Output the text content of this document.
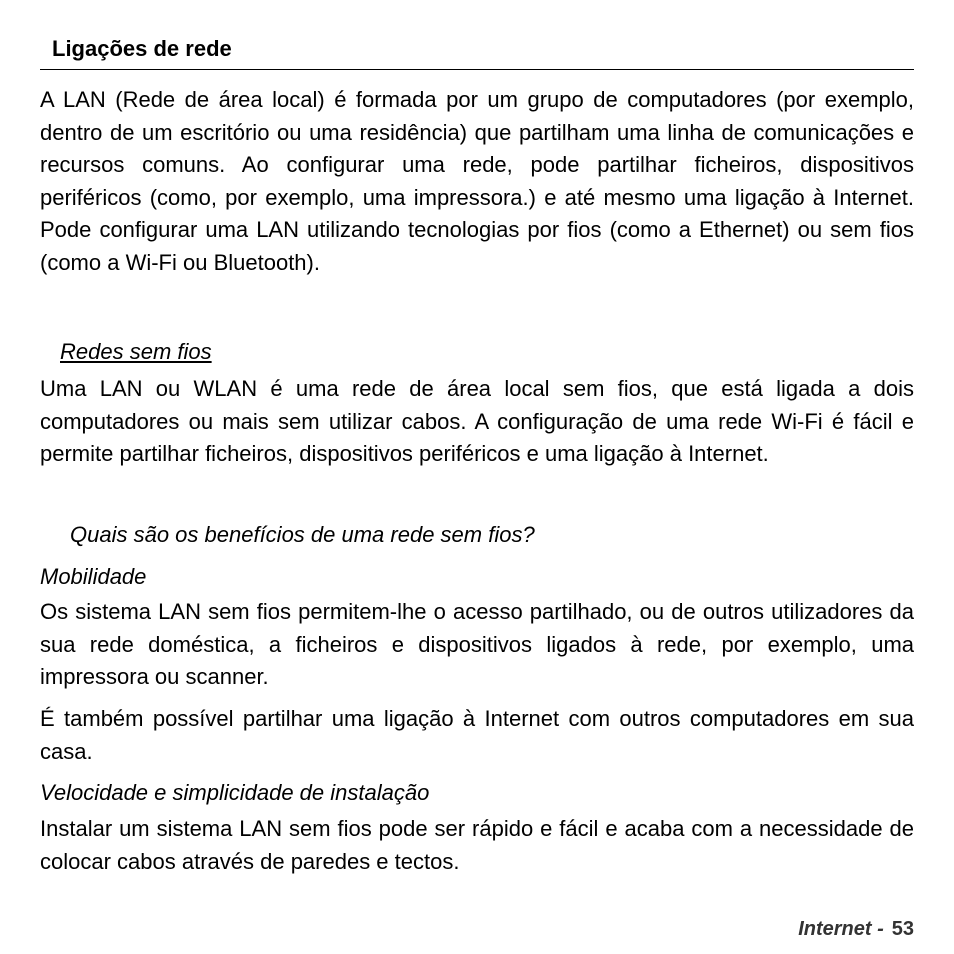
Ligações de rede

A LAN (Rede de área local) é formada por um grupo de computadores (por exemplo, dentro de um escritório ou uma residência) que partilham uma linha de comunicações e recursos comuns. Ao configurar uma rede, pode partilhar ficheiros, dispositivos periféricos (como, por exemplo, uma impressora.) e até mesmo uma ligação à Internet. Pode configurar uma LAN utilizando tecnologias por fios (como a Ethernet) ou sem fios (como a Wi-Fi ou Bluetooth).

Redes sem fios

Uma LAN ou WLAN é uma rede de área local sem fios, que está ligada a dois computadores ou mais sem utilizar cabos. A configuração de uma rede Wi-Fi é fácil e permite partilhar ficheiros, dispositivos periféricos e uma ligação à Internet.

Quais são os benefícios de uma rede sem fios?
Mobilidade

Os sistema LAN sem fios permitem-lhe o acesso partilhado, ou de outros utilizadores da sua rede doméstica, a ficheiros e dispositivos ligados à rede, por exemplo, uma impressora ou scanner.

É também possível partilhar uma ligação à Internet com outros computadores em sua casa.

Velocidade e simplicidade de instalação

Instalar um sistema LAN sem fios pode ser rápido e fácil e acaba com a necessidade de colocar cabos através de paredes e tectos.

Internet - 53
